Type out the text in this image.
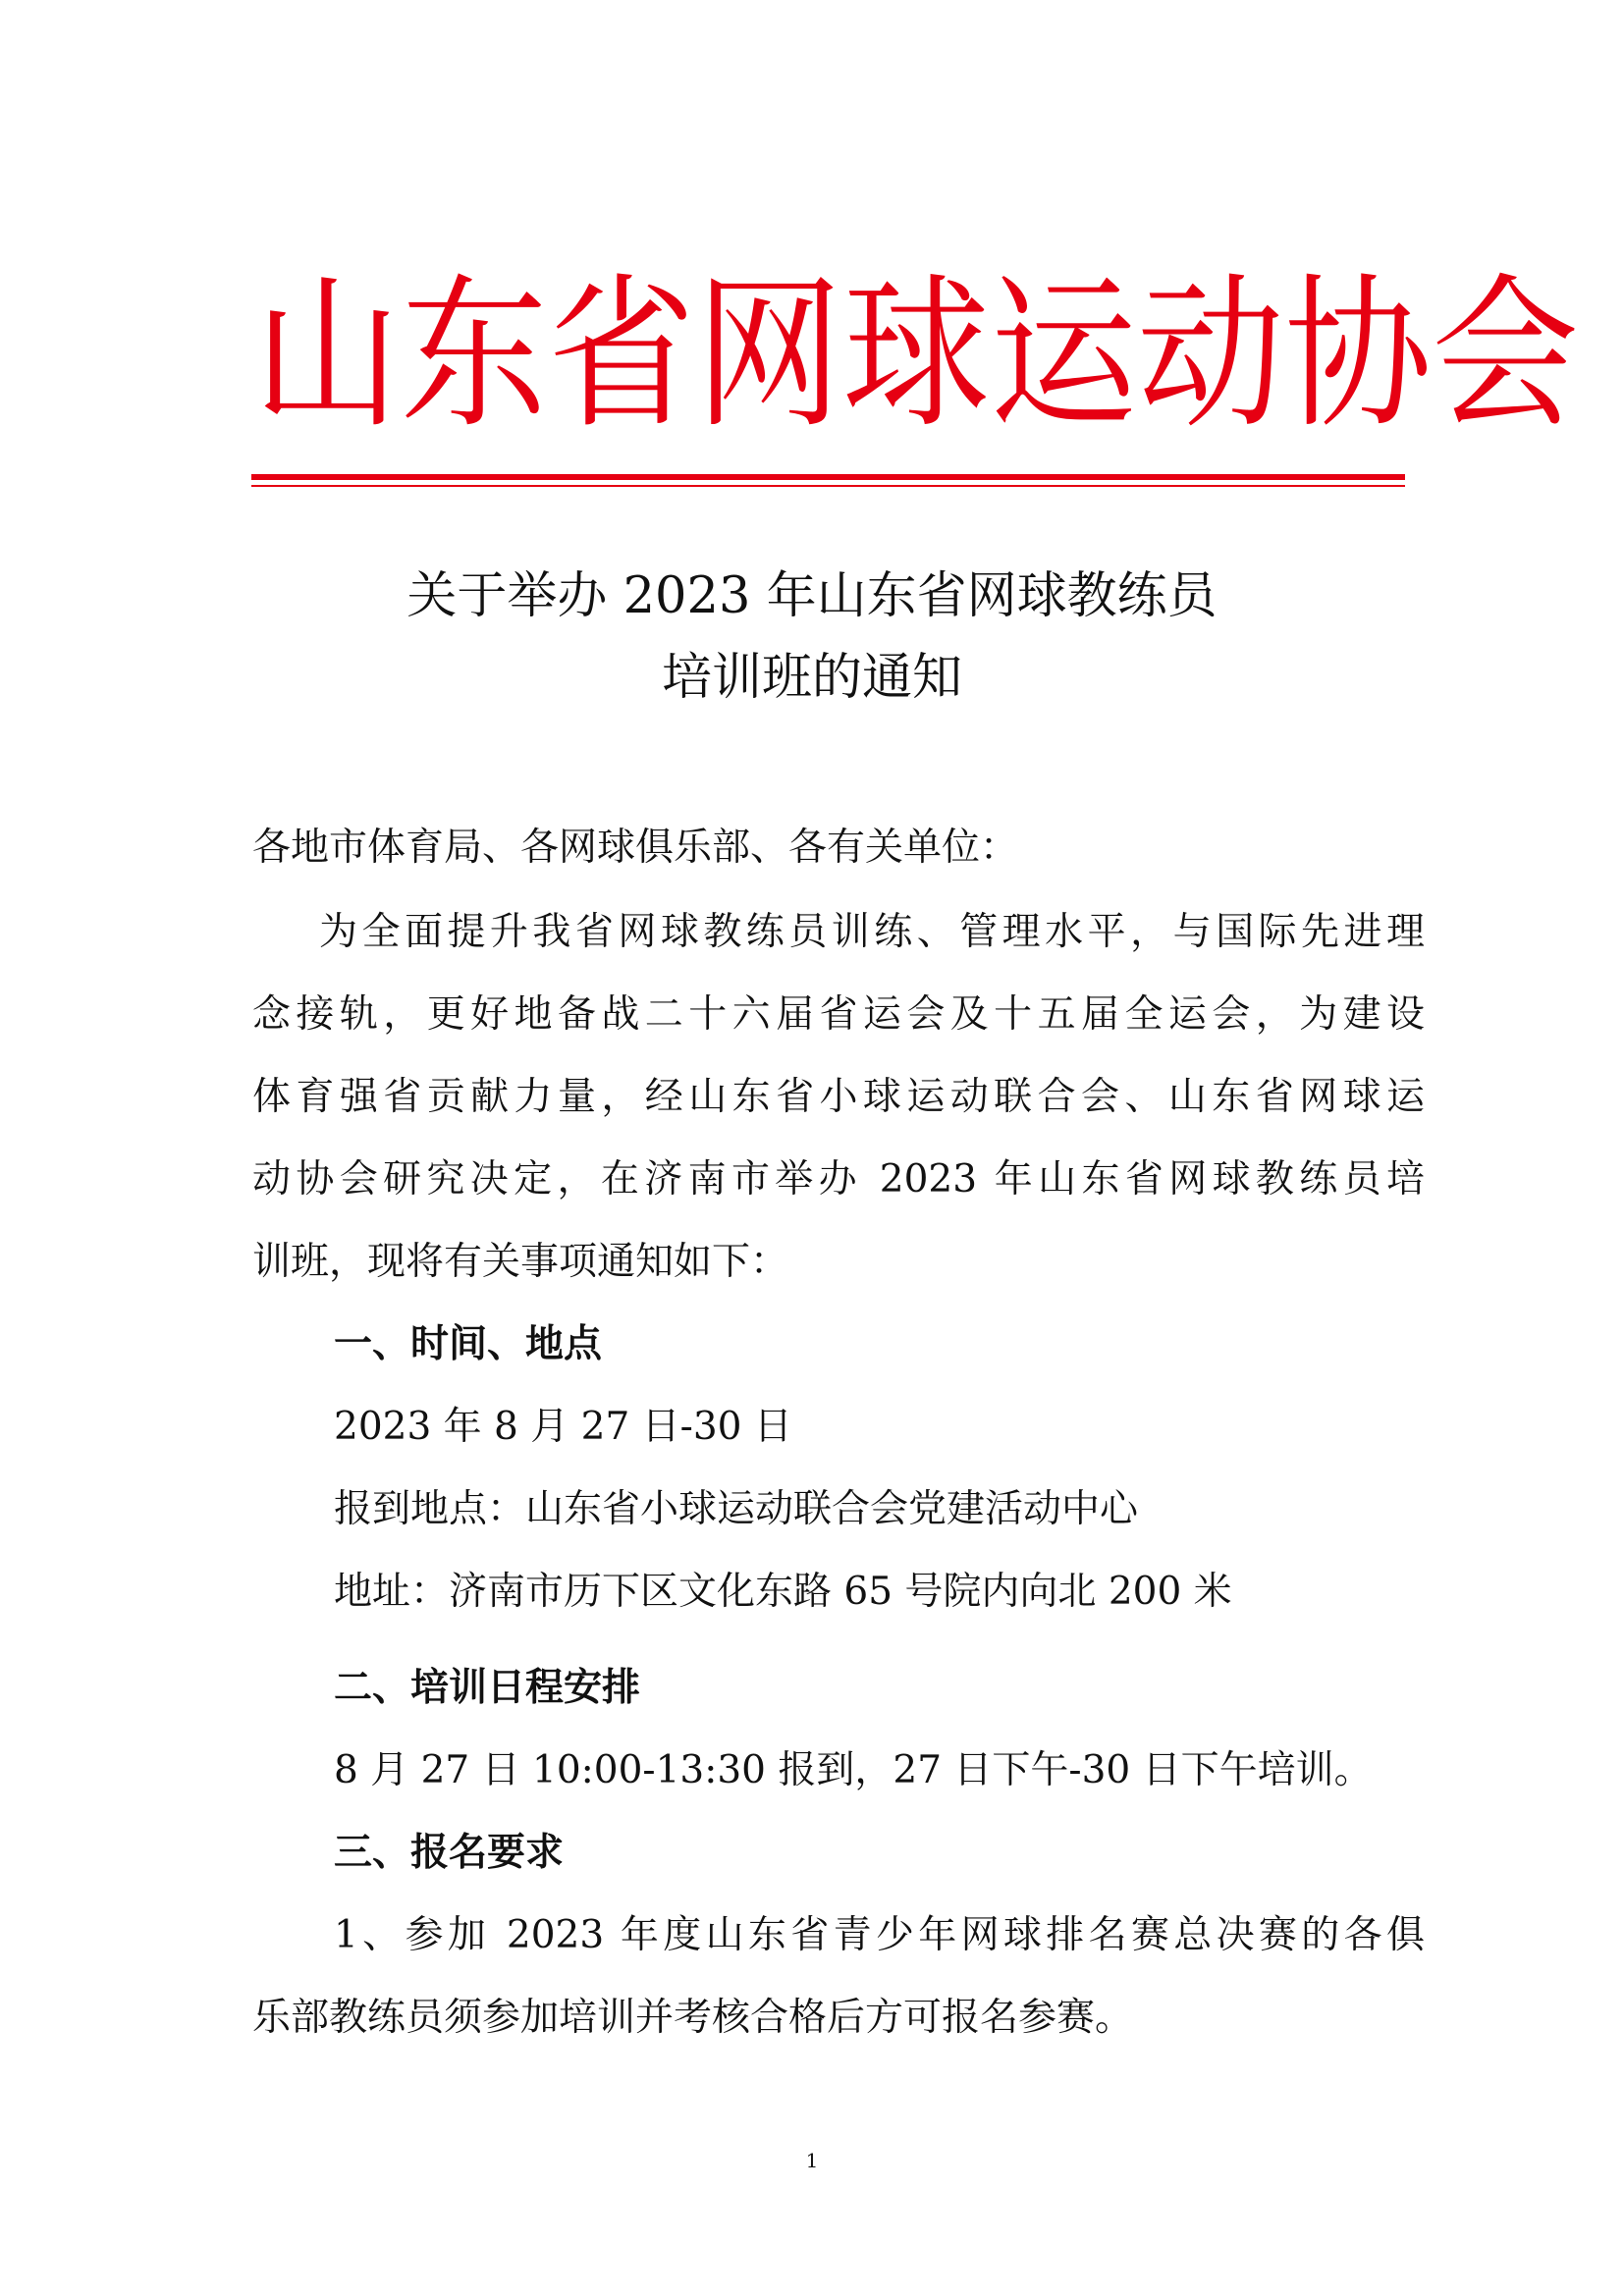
山 东 省 网 球 运 动 协 会
关于举办 2023 年山东省网球教练员
培训班的通知
各地市体育局、各网球俱乐部、各有关单位：
为全面提升我省网球教练员训练、管理水平，与国际先进理
念接轨，更好地备战二十六届省运会及十五届全运会，为建设
体育强省贡献力量，经山东省小球运动联合会、山东省网球运
动协会研究决定，在济南市举办 2023 年山东省网球教练员培
训班，现将有关事项通知如下：
一、时间、地点
2023 年 8 月 27 日-30 日
报到地点：山东省小球运动联合会党建活动中心
地址：济南市历下区文化东路 65 号院内向北 200 米
二、培训日程安排
8 月 27 日 10:00-13:30 报到，27 日下午-30 日下午培训。
三、报名要求
1、参加 2023 年度山东省青少年网球排名赛总决赛的各俱
乐部教练员须参加培训并考核合格后方可报名参赛。
1
